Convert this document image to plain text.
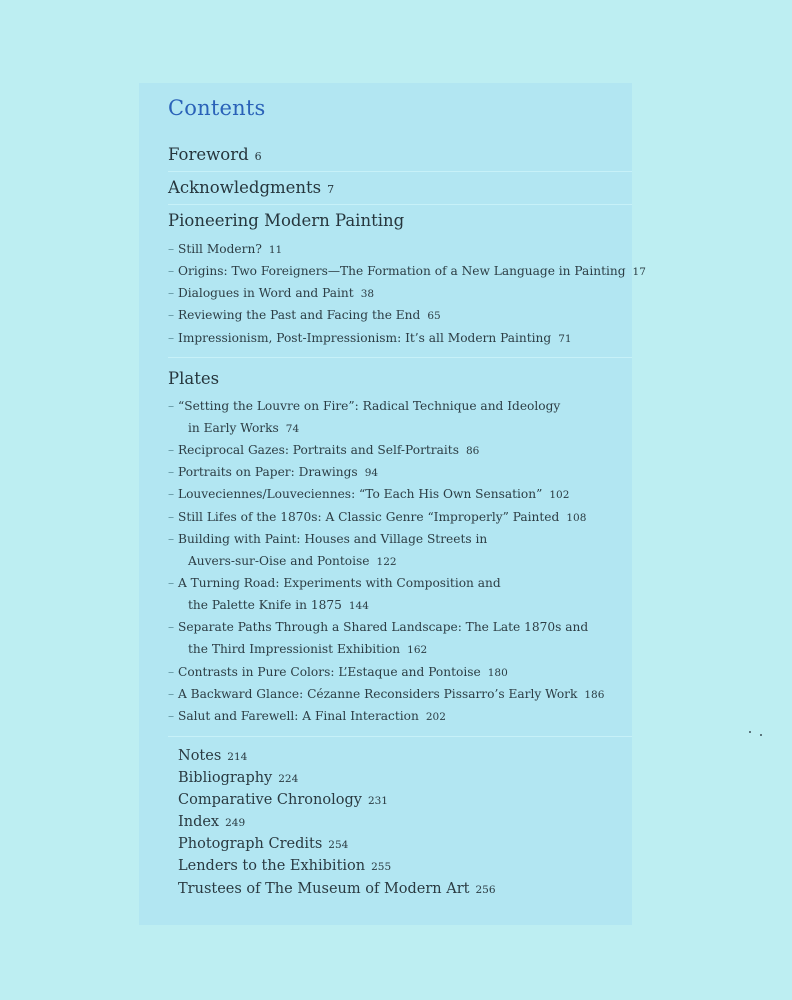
Contents
Foreword 6
Acknowledgments 7
Pioneering Modern Painting
– Still Modern? 11
– Origins: Two Foreigners—The Formation of a New Language in Painting 17
– Dialogues in Word and Paint 38
– Reviewing the Past and Facing the End 65
– Impressionism, Post-Impressionism: It’s all Modern Painting 71
Plates
– “Setting the Louvre on Fire”: Radical Technique and Ideology
in Early Works 74
– Reciprocal Gazes: Portraits and Self-Portraits 86
– Portraits on Paper: Drawings 94
– Louveciennes/Louveciennes: “To Each His Own Sensation” 102
– Still Lifes of the 1870s: A Classic Genre “Improperly” Painted 108
– Building with Paint: Houses and Village Streets in
Auvers-sur-Oise and Pontoise 122
– A Turning Road: Experiments with Composition and
the Palette Knife in 1875 144
– Separate Paths Through a Shared Landscape: The Late 1870s and
the Third Impressionist Exhibition 162
– Contrasts in Pure Colors: L’Estaque and Pontoise 180
– A Backward Glance: Cézanne Reconsiders Pissarro’s Early Work 186
– Salut and Farewell: A Final Interaction 202
Notes 214
Bibliography 224
Comparative Chronology 231
Index 249
Photograph Credits 254
Lenders to the Exhibition 255
Trustees of The Museum of Modern Art 256
